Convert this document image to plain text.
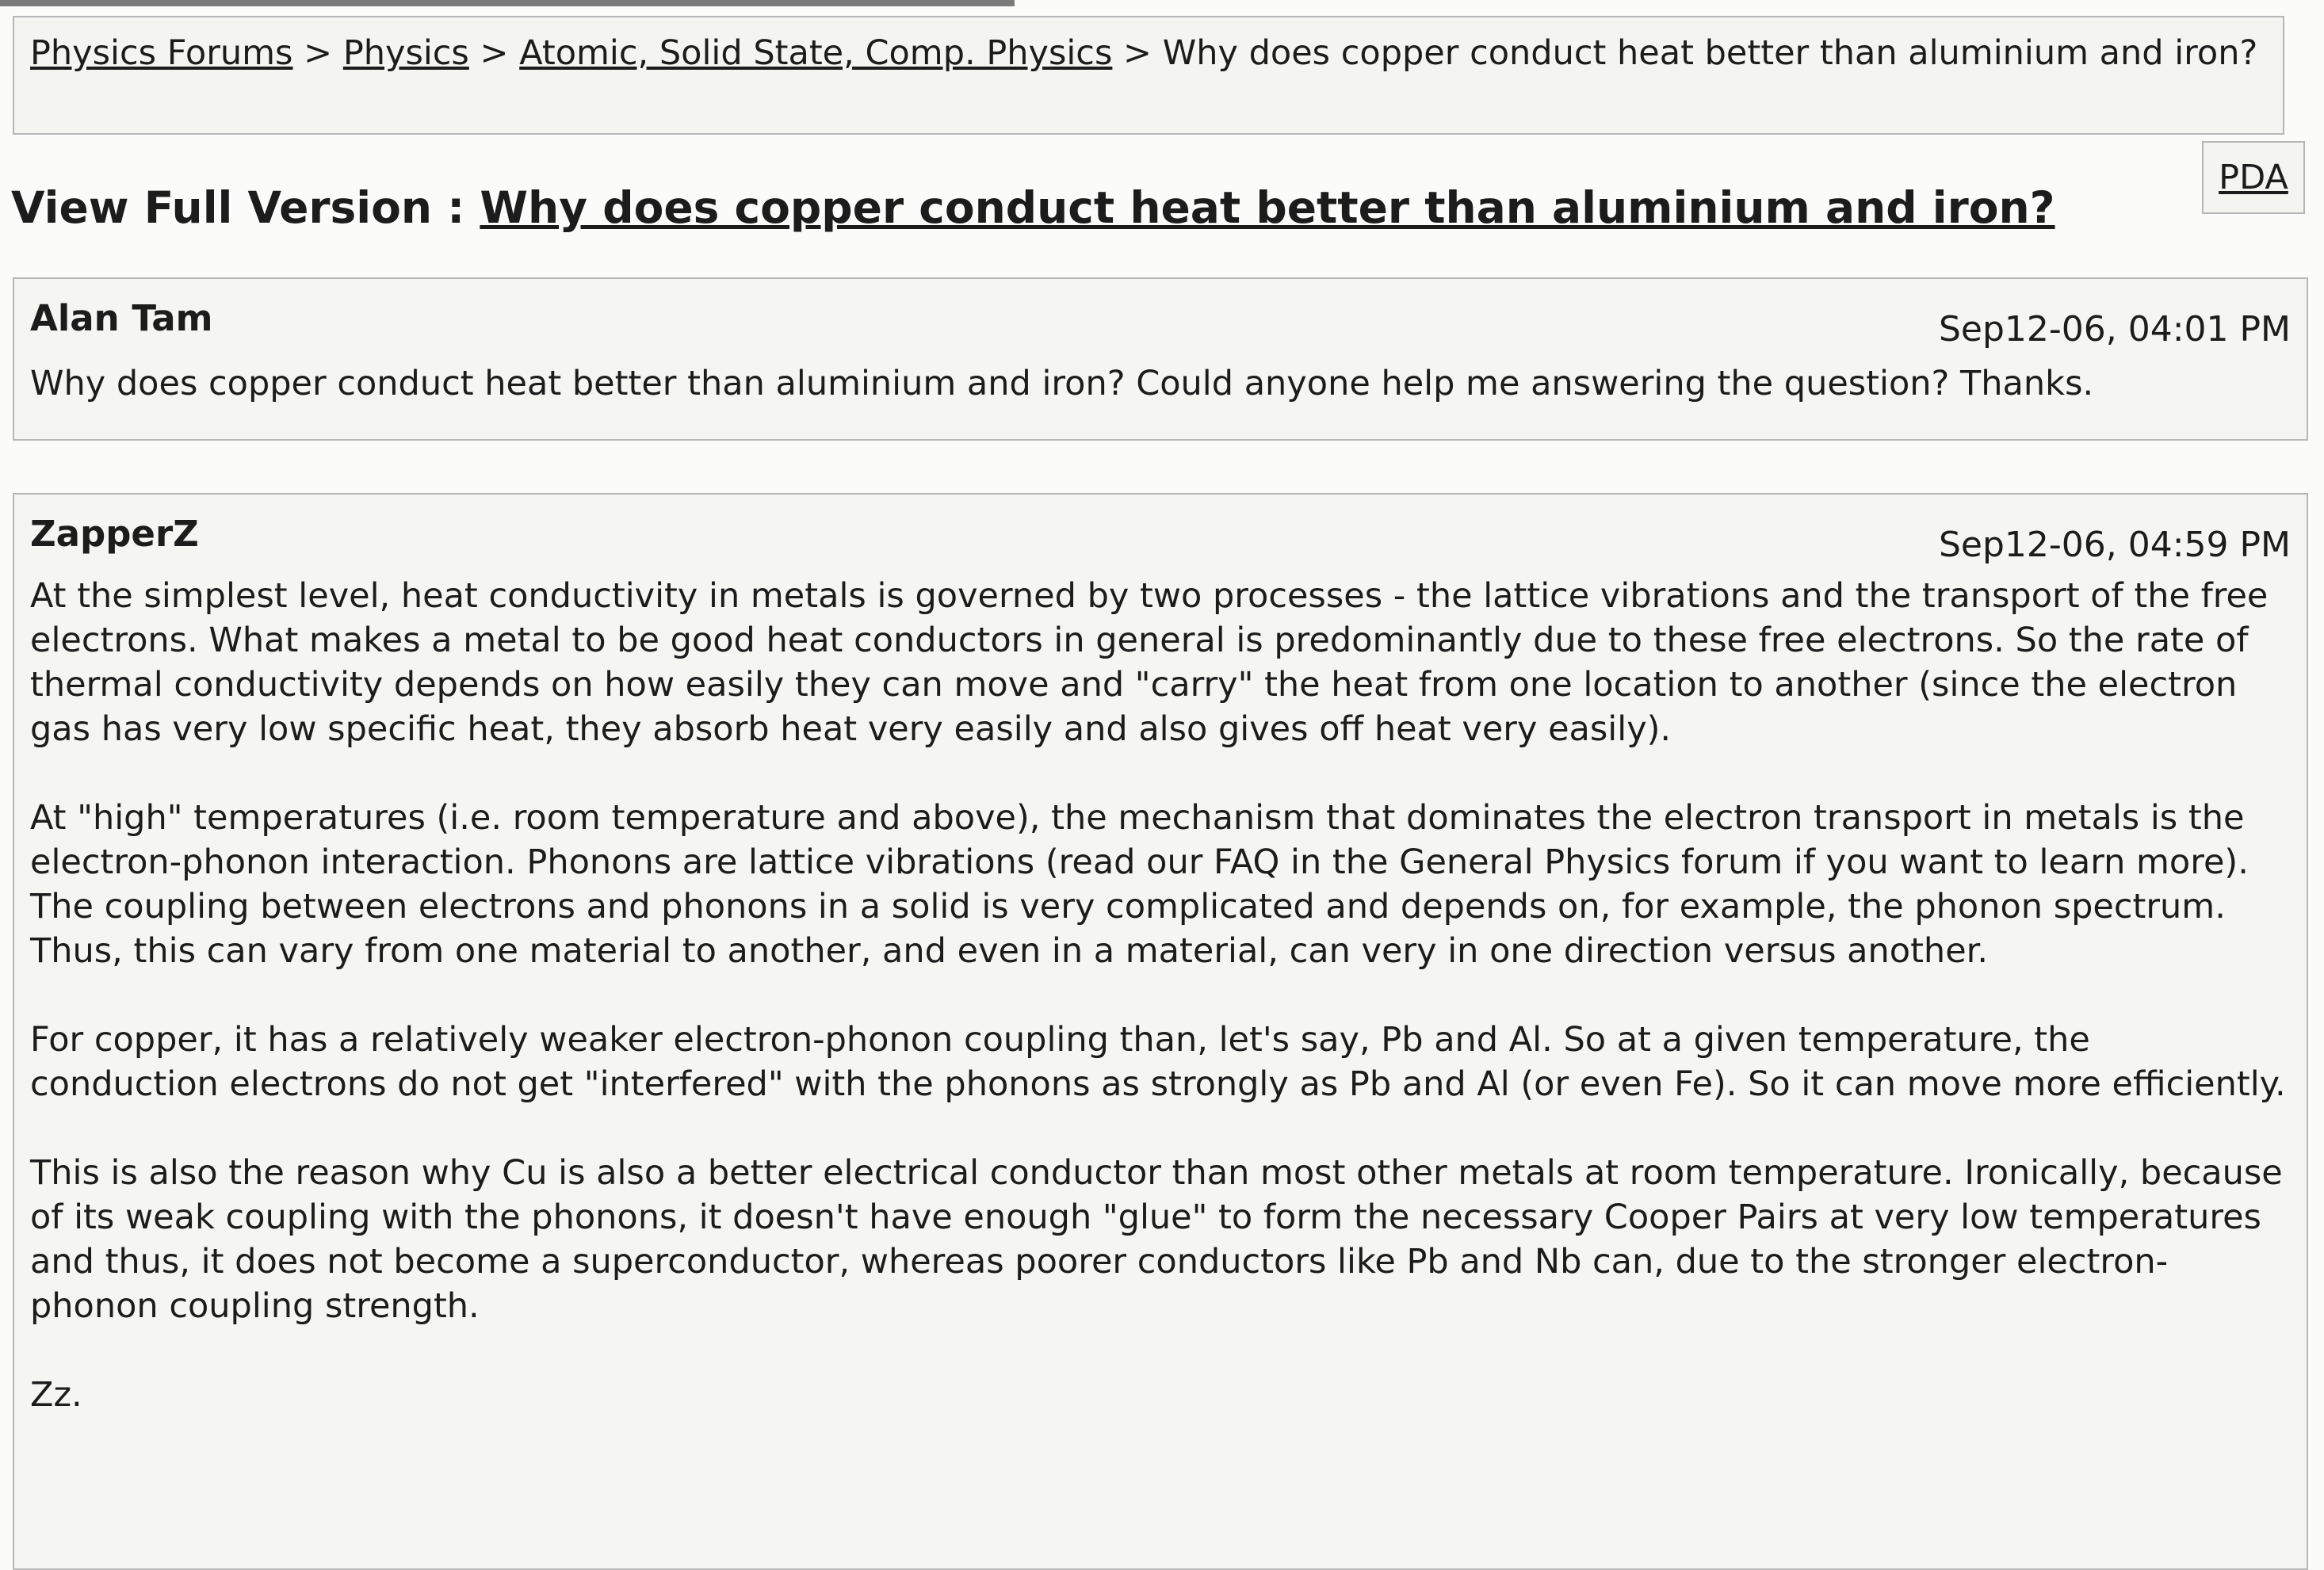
Physics Forums > Physics > Atomic, Solid State, Comp. Physics > Why does copper conduct heat better than aluminium and iron?
PDA
View Full Version : Why does copper conduct heat better than aluminium and iron?
Alan Tam	Sep12-06, 04:01 PM
Why does copper conduct heat better than aluminium and iron? Could anyone help me answering the question? Thanks.
ZapperZ	Sep12-06, 04:59 PM

At the simplest level, heat conductivity in metals is governed by two processes - the lattice vibrations and the transport of the free electrons. What makes a metal to be good heat conductors in general is predominantly due to these free electrons. So the rate of thermal conductivity depends on how easily they can move and "carry" the heat from one location to another (since the electron gas has very low specific heat, they absorb heat very easily and also gives off heat very easily).

At "high" temperatures (i.e. room temperature and above), the mechanism that dominates the electron transport in metals is the electron-phonon interaction. Phonons are lattice vibrations (read our FAQ in the General Physics forum if you want to learn more). The coupling between electrons and phonons in a solid is very complicated and depends on, for example, the phonon spectrum. Thus, this can vary from one material to another, and even in a material, can very in one direction versus another.

For copper, it has a relatively weaker electron-phonon coupling than, let's say, Pb and Al. So at a given temperature, the conduction electrons do not get "interfered" with the phonons as strongly as Pb and Al (or even Fe). So it can move more efficiently.

This is also the reason why Cu is also a better electrical conductor than most other metals at room temperature. Ironically, because of its weak coupling with the phonons, it doesn't have enough "glue" to form the necessary Cooper Pairs at very low temperatures and thus, it does not become a superconductor, whereas poorer conductors like Pb and Nb can, due to the stronger electron-phonon coupling strength.

Zz.
